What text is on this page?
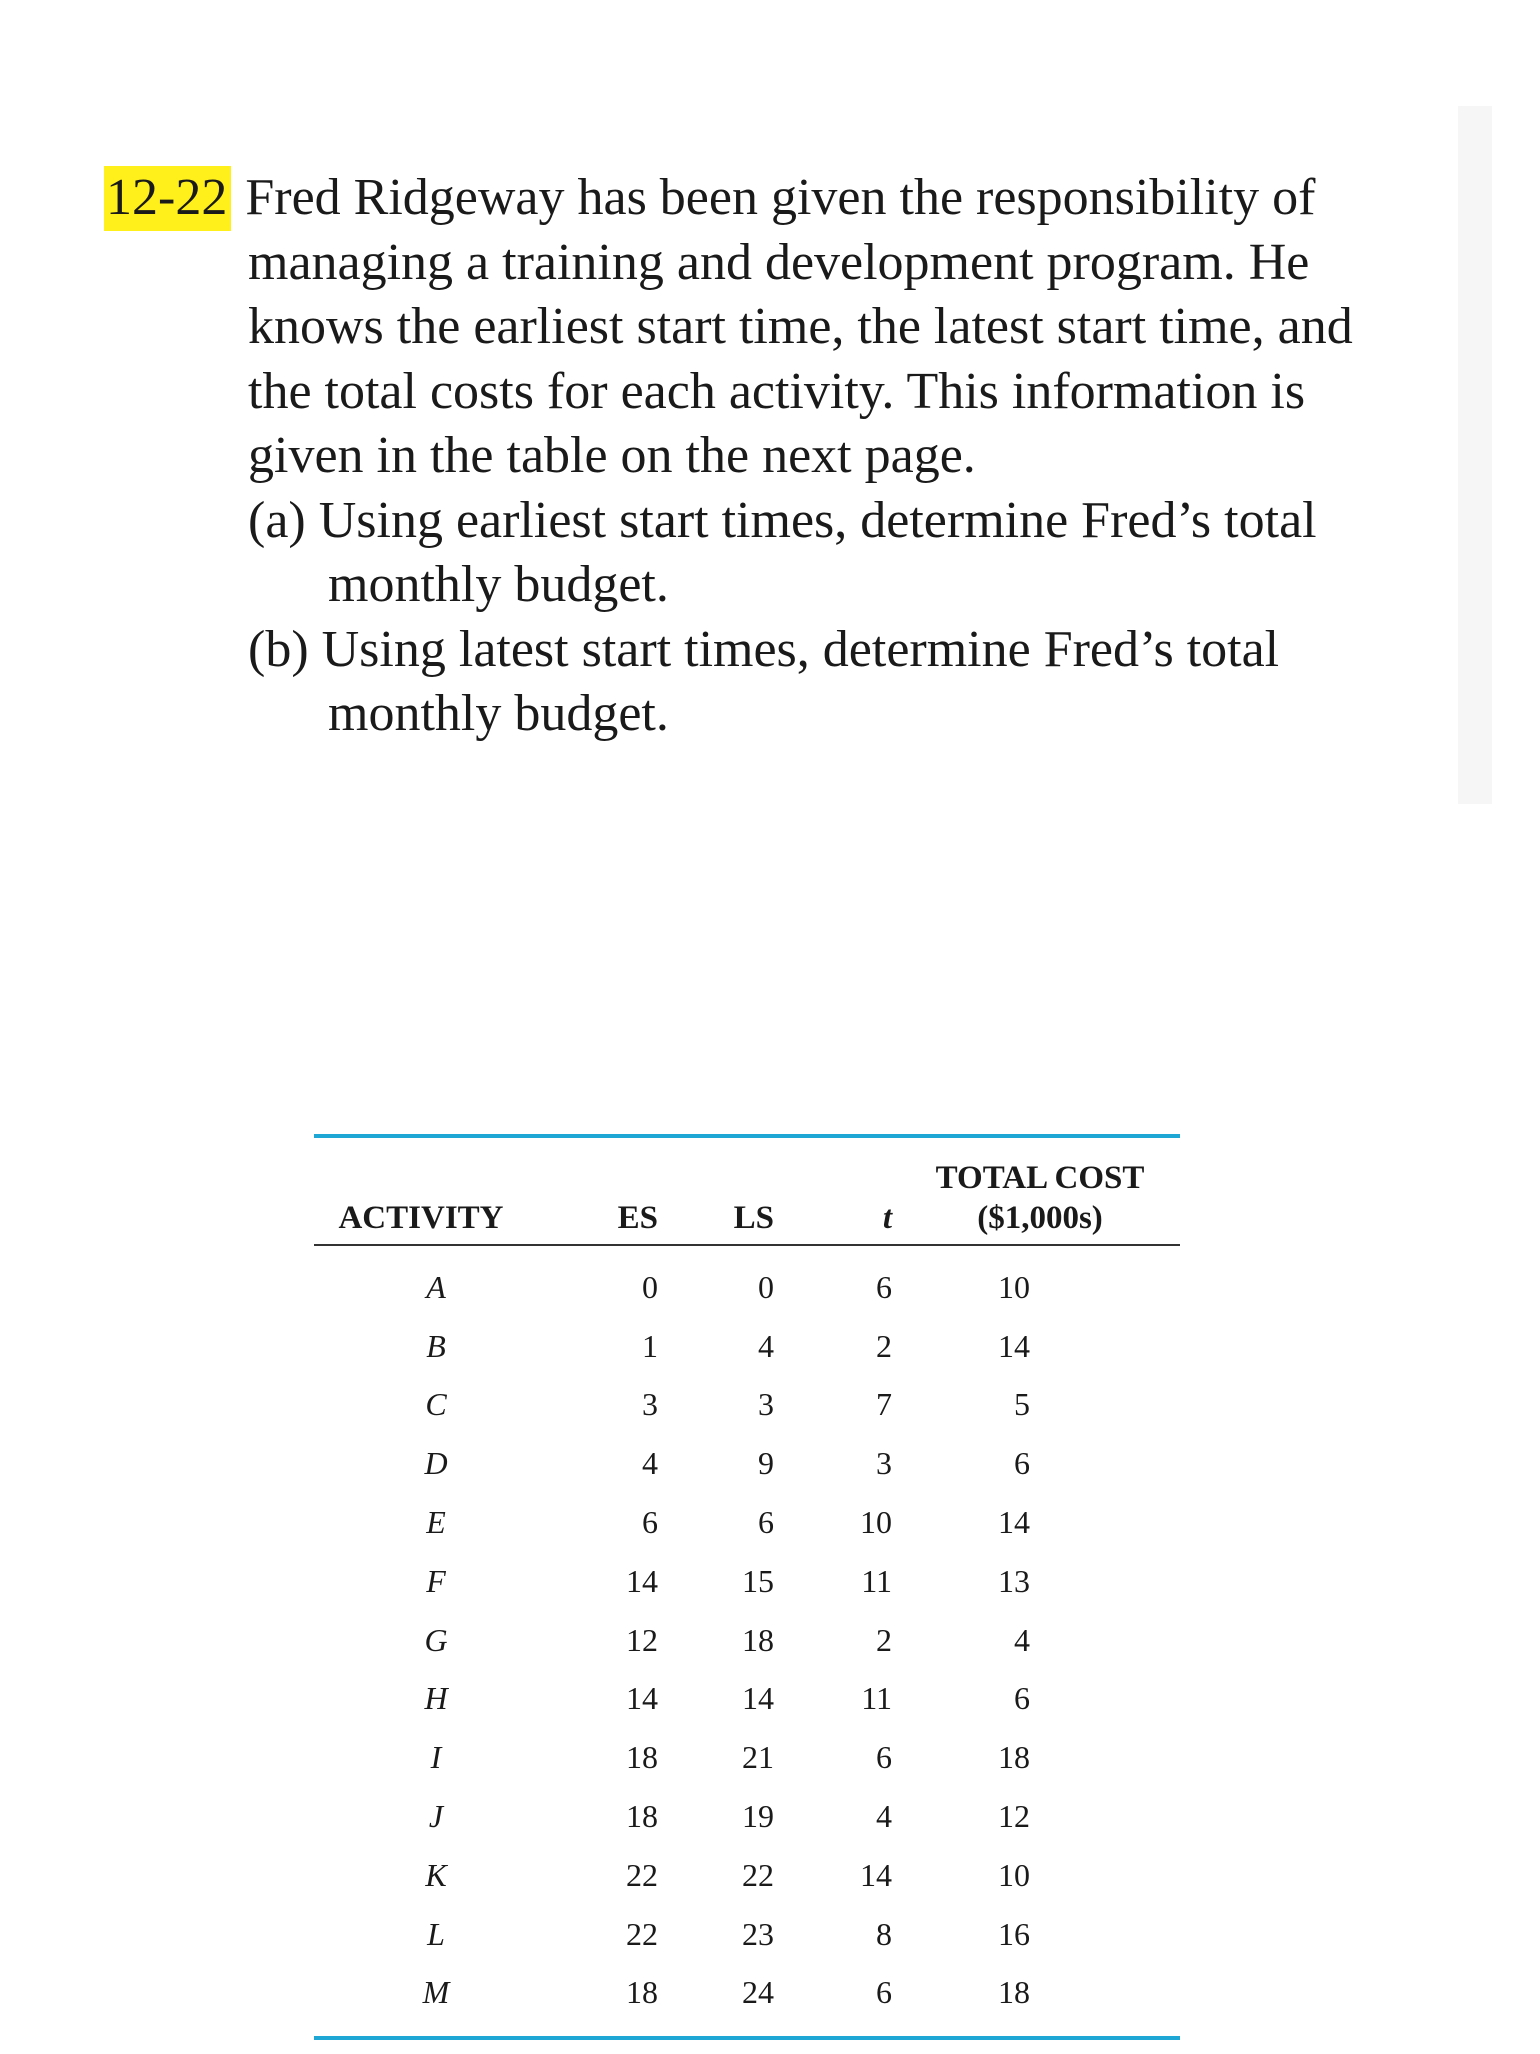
12-22 Fred Ridgeway has been given the responsibility of
managing a training and development program. He
knows the earliest start time, the latest start time, and
the total costs for each activity. This information is
given in the table on the next page.
(a) Using earliest start times, determine Fred’s total
monthly budget.
(b) Using latest start times, determine Fred’s total
monthly budget.
ACTIVITY	ES	LS	t	TOTAL COST
($1,000s)

A	0	0	6	10
B	1	4	2	14
C	3	3	7	5
D	4	9	3	6
E	6	6	10	14
F	14	15	11	13
G	12	18	2	4
H	14	14	11	6
I	18	21	6	18
J	18	19	4	12
K	22	22	14	10
L	22	23	8	16
M	18	24	6	18
